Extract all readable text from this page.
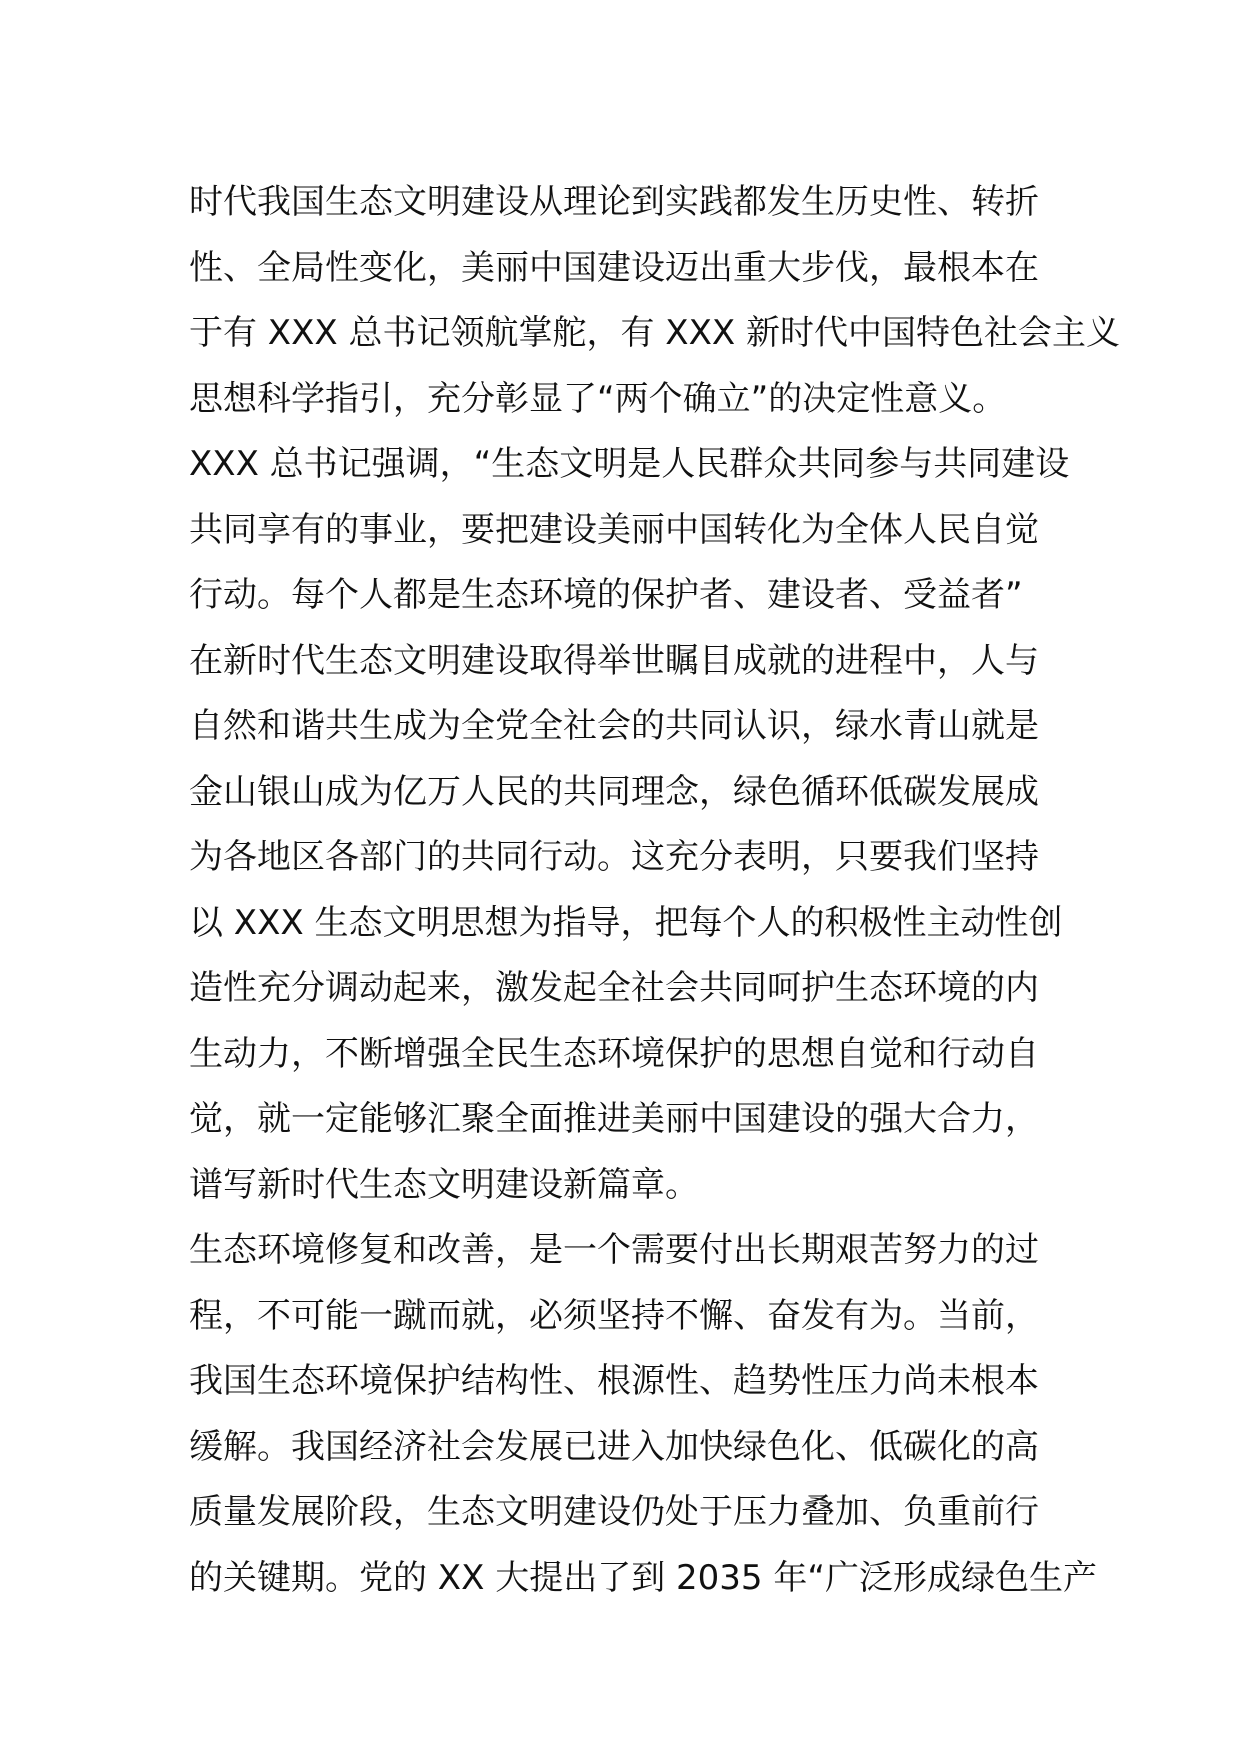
时代我国生态文明建设从理论到实践都发生历史性、转折
性、全局性变化，美丽中国建设迈出重大步伐，最根本在
于有 XXX 总书记领航掌舵，有 XXX 新时代中国特色社会主义
思想科学指引，充分彰显了“两个确立”的决定性意义。
XXX 总书记强调，“生态文明是人民群众共同参与共同建设
共同享有的事业，要把建设美丽中国转化为全体人民自觉
行动。每个人都是生态环境的保护者、建设者、受益者”
在新时代生态文明建设取得举世瞩目成就的进程中，人与
自然和谐共生成为全党全社会的共同认识，绿水青山就是
金山银山成为亿万人民的共同理念，绿色循环低碳发展成
为各地区各部门的共同行动。这充分表明，只要我们坚持
以 XXX 生态文明思想为指导，把每个人的积极性主动性创
造性充分调动起来，激发起全社会共同呵护生态环境的内
生动力，不断增强全民生态环境保护的思想自觉和行动自
觉，就一定能够汇聚全面推进美丽中国建设的强大合力，
谱写新时代生态文明建设新篇章。
生态环境修复和改善，是一个需要付出长期艰苦努力的过
程，不可能一蹴而就，必须坚持不懈、奋发有为。当前，
我国生态环境保护结构性、根源性、趋势性压力尚未根本
缓解。我国经济社会发展已进入加快绿色化、低碳化的高
质量发展阶段，生态文明建设仍处于压力叠加、负重前行
的关键期。党的 XX 大提出了到 2035 年“广泛形成绿色生产
